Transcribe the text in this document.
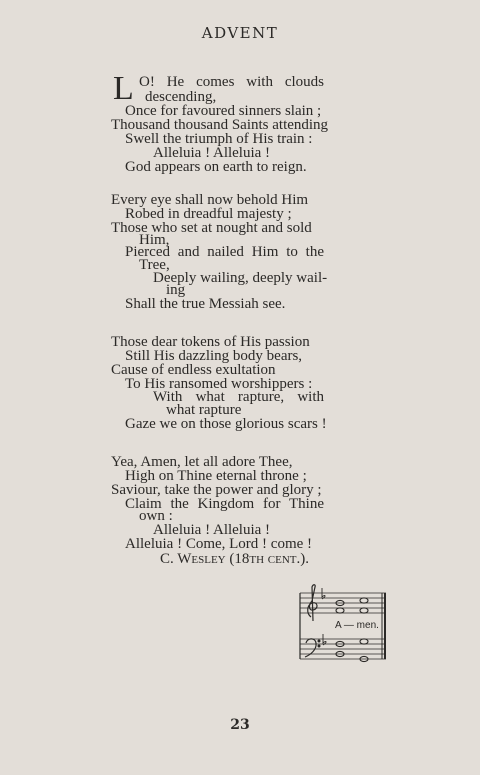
ADVENT
L O! He comes with clouds
descending,
Once for favoured sinners slain ;
Thousand thousand Saints attending
Swell the triumph of His train :
Alleluia ! Alleluia !
God appears on earth to reign.
Every eye shall now behold Him
Robed in dreadful majesty ;
Those who set at nought and sold
Him,
Pierced and nailed Him to the
Tree,
Deeply wailing, deeply wail-
ing
Shall the true Messiah see.
Those dear tokens of His passion
Still His dazzling body bears,
Cause of endless exultation
To His ransomed worshippers :
With what rapture, with
what rapture
Gaze we on those glorious scars !
Yea, Amen, let all adore Thee,
High on Thine eternal throne ;
Saviour, take the power and glory ;
Claim the Kingdom for Thine
own :
Alleluia ! Alleluia !
Alleluia ! Come, Lord ! come !
C. Wesley (18th cent.).
A — men.
23
